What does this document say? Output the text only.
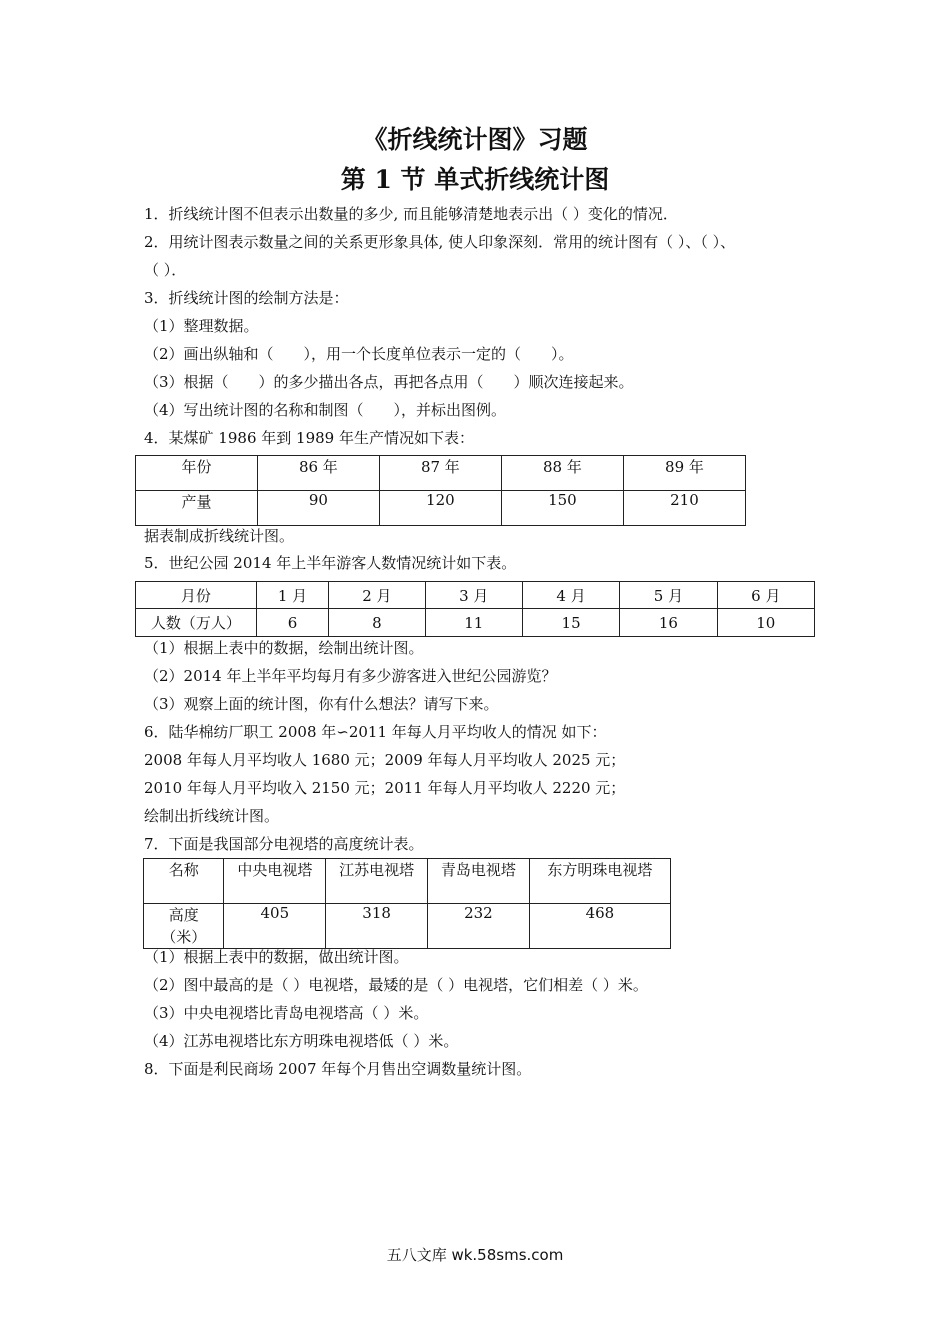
《折线统计图》习题
第 1 节 单式折线统计图
1．折线统计图不但表示出数量的多少, 而且能够清楚地表示出（ ）变化的情况．
2．用统计图表示数量之间的关系更形象具体, 使人印象深刻．常用的统计图有（ ）、（ ）、
（ ）．
3．折线统计图的绘制方法是：
（1）整理数据。
（2）画出纵轴和（　　），用一个长度单位表示一定的（　　）。
（3）根据（　　）的多少描出各点，再把各点用（　　）顺次连接起来。
（4）写出统计图的名称和制图（　　），并标出图例。
4．某煤矿 1986 年到 1989 年生产情况如下表：
年份	86 年	87 年	88 年	89 年
产量	90	120	150	210
据表制成折线统计图。
5．世纪公园 2014 年上半年游客人数情况统计如下表。
月份	1 月	2 月	3 月	4 月	5 月	6 月
人数（万人）	6	8	11	15	16	10
（1）根据上表中的数据，绘制出统计图。
（2）2014 年上半年平均每月有多少游客进入世纪公园游览？
（3）观察上面的统计图，你有什么想法？请写下来。
6．陆华棉纺厂职工 2008 年∽2011 年每人月平均收人的情况 如下：
2008 年每人月平均收人 1680 元；2009 年每人月平均收人 2025 元；
2010 年每人月平均收入 2150 元；2011 年每人月平均收人 2220 元；
绘制出折线统计图。
7．下面是我国部分电视塔的高度统计表。
名称	中央电视塔	江苏电视塔	青岛电视塔	东方明珠电视塔

高度
（米）	405	318	232	468
（1）根据上表中的数据，做出统计图。
（2）图中最高的是（ ）电视塔，最矮的是（ ）电视塔，它们相差（ ）米。
（3）中央电视塔比青岛电视塔高（ ）米。
（4）江苏电视塔比东方明珠电视塔低（ ）米。
8．下面是利民商场 2007 年每个月售出空调数量统计图。
五八文库 wk.58sms.com
